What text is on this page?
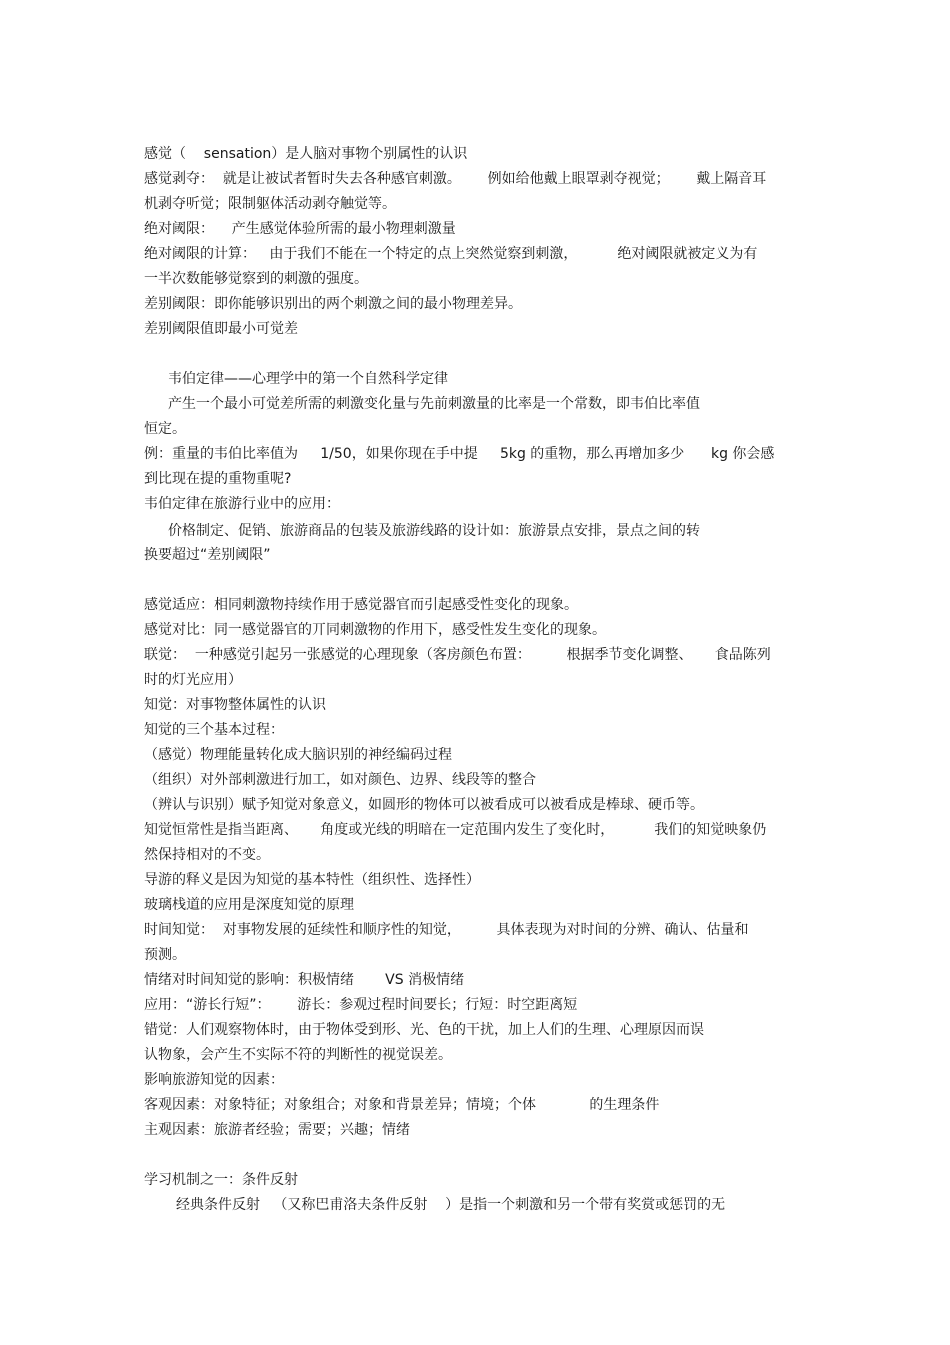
感觉（    sensation）是人脑对事物个别属性的认识
感觉剥夺：  就是让被试者暂时失去各种感官刺激。      例如给他戴上眼罩剥夺视觉；      戴上隔音耳
机剥夺听觉；限制躯体活动剥夺触觉等。
绝对阈限：    产生感觉体验所需的最小物理刺激量
绝对阈限的计算：   由于我们不能在一个特定的点上突然觉察到刺激，         绝对阈限就被定义为有
一半次数能够觉察到的刺激的强度。
差别阈限：即你能够识别出的两个刺激之间的最小物理差异。
差别阈限值即最小可觉差
韦伯定律——心理学中的第一个自然科学定律
产生一个最小可觉差所需的刺激变化量与先前刺激量的比率是一个常数，即韦伯比率值
恒定。
例：重量的韦伯比率值为     1/50，如果你现在手中提     5kg 的重物，那么再增加多少      kg 你会感
到比现在提的重物重呢?
韦伯定律在旅游行业中的应用：
价格制定、促销、旅游商品的包装及旅游线路的设计如：旅游景点安排，景点之间的转
换要超过“差别阈限”
感觉适应：相同刺激物持续作用于感觉器官而引起感受性变化的现象。
感觉对比：同一感觉器官的丌同刺激物的作用下，感受性发生变化的现象。
联觉：  一种感觉引起另一张感觉的心理现象（客房颜色布置：        根据季节变化调整、     食品陈列
时的灯光应用）
知觉：对事物整体属性的认识
知觉的三个基本过程：
（感觉）物理能量转化成大脑识别的神经编码过程
（组织）对外部刺激进行加工，如对颜色、边界、线段等的整合
（辨认与识别）赋予知觉对象意义，如圆形的物体可以被看成可以被看成是棒球、硬币等。
知觉恒常性是指当距离、     角度或光线的明暗在一定范围内发生了变化时，         我们的知觉映象仍
然保持相对的不变。
导游的释义是因为知觉的基本特性（组织性、选择性）
玻璃栈道的应用是深度知觉的原理
时间知觉：  对事物发展的延续性和顺序性的知觉，        具体表现为对时间的分辨、确认、估量和
预测。
情绪对时间知觉的影响：积极情绪       VS 消极情绪
应用：“游长行短”：      游长：参观过程时间要长；行短：时空距离短
错觉：人们观察物体时，由于物体受到形、光、色的干扰，加上人们的生理、心理原因而误
认物象，会产生不实际不符的判断性的视觉误差。
影响旅游知觉的因素：
客观因素：对象特征；对象组合；对象和背景差异；情境；个体            的生理条件
主观因素：旅游者经验；需要；兴趣；情绪
学习机制之一：条件反射
经典条件反射   （又称巴甫洛夫条件反射    ）是指一个刺激和另一个带有奖赏或惩罚的无
